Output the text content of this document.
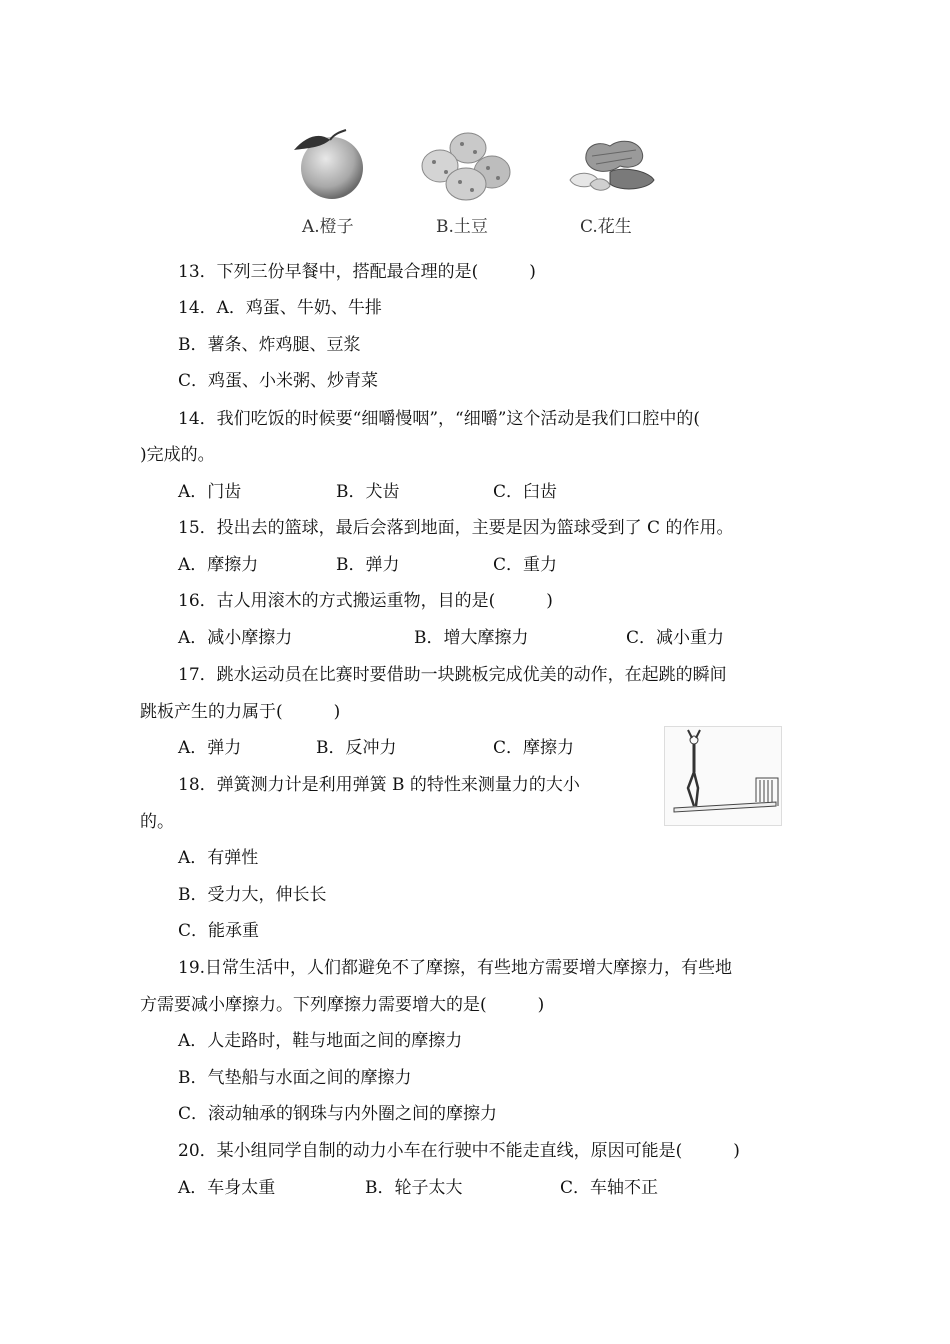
A.橙子	B.土豆	C.花生
13．下列三份早餐中，搭配最合理的是(　　　)
14．A．鸡蛋、牛奶、牛排
B．薯条、炸鸡腿、豆浆
C．鸡蛋、小米粥、炒青菜
14．我们吃饭的时候要“细嚼慢咽”，“细嚼”这个活动是我们口腔中的(
)完成的。
A．门齿	B．犬齿	C．臼齿
15．投出去的篮球，最后会落到地面，主要是因为篮球受到了 C 的作用。
A．摩擦力	B．弹力	C．重力
16．古人用滚木的方式搬运重物，目的是(　　　)
A．减小摩擦力	B．增大摩擦力	C．减小重力
17．跳水运动员在比赛时要借助一块跳板完成优美的动作，在起跳的瞬间
跳板产生的力属于(　　　)
A．弹力	B．反冲力	C．摩擦力
18．弹簧测力计是利用弹簧 B 的特性来测量力的大小
的。
A．有弹性
B．受力大，伸长长
C．能承重
19.日常生活中，人们都避免不了摩擦，有些地方需要增大摩擦力，有些地
方需要减小摩擦力。下列摩擦力需要增大的是(　　　)
A．人走路时，鞋与地面之间的摩擦力
B．气垫船与水面之间的摩擦力
C．滚动轴承的钢珠与内外圈之间的摩擦力
20．某小组同学自制的动力小车在行驶中不能走直线，原因可能是(　　　)
A．车身太重	B．轮子太大	C．车轴不正
